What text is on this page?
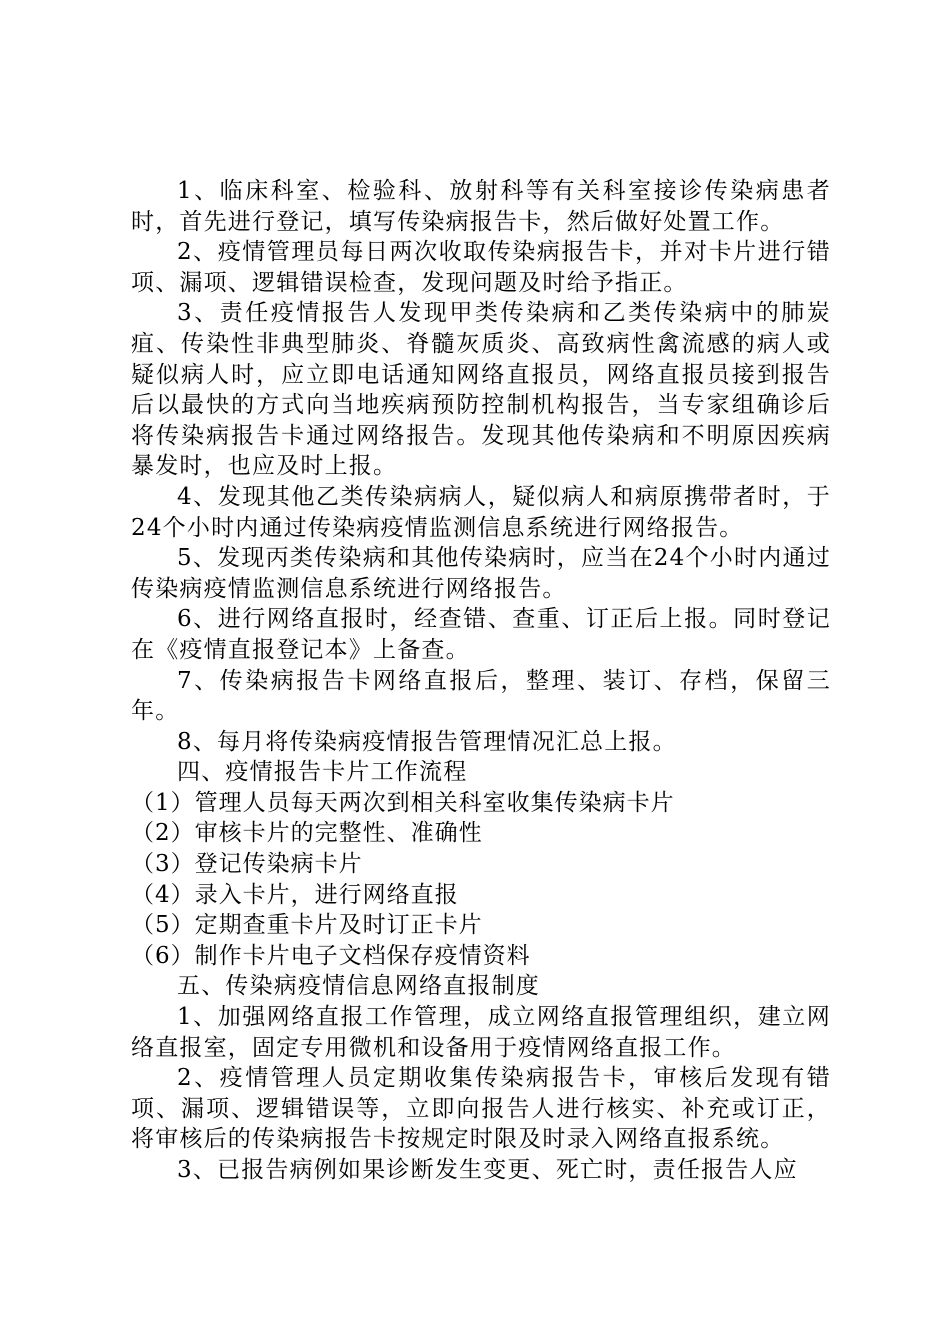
1、临床科室、检验科、放射科等有关科室接诊传染病患者时，首先进行登记，填写传染病报告卡，然后做好处置工作。

2、疫情管理员每日两次收取传染病报告卡，并对卡片进行错项、漏项、逻辑错误检查，发现问题及时给予指正。

3、责任疫情报告人发现甲类传染病和乙类传染病中的肺炭疽、传染性非典型肺炎、脊髓灰质炎、高致病性禽流感的病人或疑似病人时，应立即电话通知网络直报员，网络直报员接到报告后以最快的方式向当地疾病预防控制机构报告，当专家组确诊后将传染病报告卡通过网络报告。发现其他传染病和不明原因疾病暴发时，也应及时上报。

4、发现其他乙类传染病病人，疑似病人和病原携带者时，于24个小时内通过传染病疫情监测信息系统进行网络报告。

5、发现丙类传染病和其他传染病时，应当在24个小时内通过传染病疫情监测信息系统进行网络报告。

6、进行网络直报时，经查错、查重、订正后上报。同时登记在《疫情直报登记本》上备查。

7、传染病报告卡网络直报后，整理、装订、存档，保留三年。

8、每月将传染病疫情报告管理情况汇总上报。

四、疫情报告卡片工作流程

（1）管理人员每天两次到相关科室收集传染病卡片

（2）审核卡片的完整性、准确性

（3）登记传染病卡片

（4）录入卡片，进行网络直报

（5）定期查重卡片及时订正卡片

（6）制作卡片电子文档保存疫情资料

五、传染病疫情信息网络直报制度

1、加强网络直报工作管理，成立网络直报管理组织，建立网络直报室，固定专用微机和设备用于疫情网络直报工作。

2、疫情管理人员定期收集传染病报告卡，审核后发现有错项、漏项、逻辑错误等，立即向报告人进行核实、补充或订正，将审核后的传染病报告卡按规定时限及时录入网络直报系统。

3、已报告病例如果诊断发生变更、死亡时，责任报告人应
